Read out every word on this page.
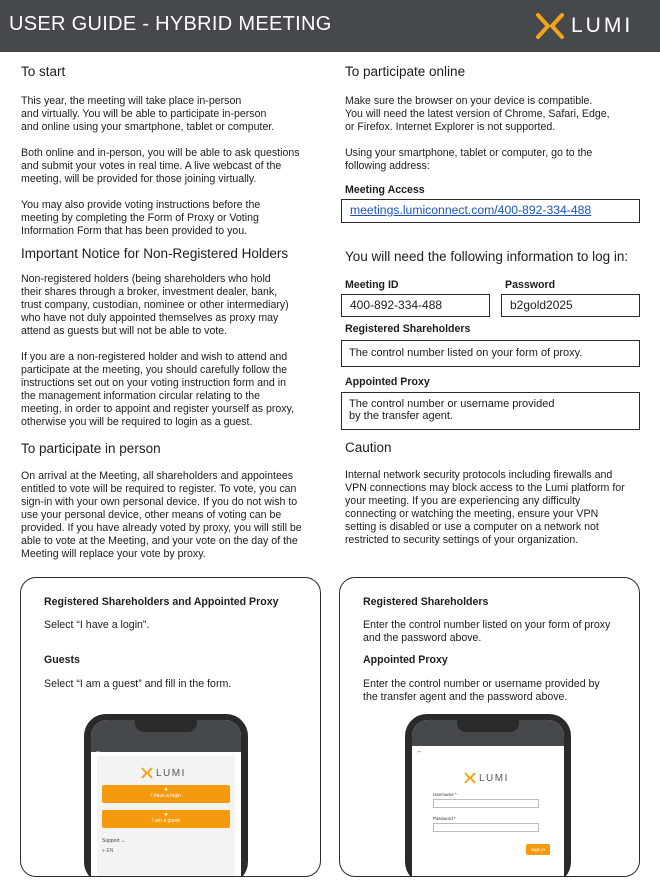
USER GUIDE - HYBRID MEETING	LUMI
To start
This year, the meeting will take place in-person
and virtually. You will be able to participate in-person
and online using your smartphone, tablet or computer.
Both online and in-person, you will be able to ask questions
and submit your votes in real time. A live webcast of the
meeting, will be provided for those joining virtually.
You may also provide voting instructions before the
meeting by completing the Form of Proxy or Voting
Information Form that has been provided to you.
Important Notice for Non-Registered Holders
Non-registered holders (being shareholders who hold
their shares through a broker, investment dealer, bank,
trust company, custodian, nominee or other intermediary)
who have not duly appointed themselves as proxy may
attend as guests but will not be able to vote.
If you are a non-registered holder and wish to attend and
participate at the meeting, you should carefully follow the
instructions set out on your voting instruction form and in
the management information circular relating to the
meeting, in order to appoint and register yourself as proxy,
otherwise you will be required to login as a guest.
To participate in person
On arrival at the Meeting, all shareholders and appointees
entitled to vote will be required to register. To vote, you can
sign-in with your own personal device. If you do not wish to
use your personal device, other means of voting can be
provided. If you have already voted by proxy, you will still be
able to vote at the Meeting, and your vote on the day of the
Meeting will replace your vote by proxy.
To participate online
Make sure the browser on your device is compatible.
You will need the latest version of Chrome, Safari, Edge,
or Firefox. Internet Explorer is not supported.
Using your smartphone, tablet or computer, go to the
following address:
Meeting Access
meetings.lumiconnect.com/400-892-334-488
You will need the following information to log in:
Meeting ID
400-892-334-488
Password
b2gold2025
Registered Shareholders
The control number listed on your form of proxy.
Appointed Proxy
The control number or username provided
by the transfer agent.
Caution
Internal network security protocols including firewalls and
VPN connections may block access to the Lumi platform for
your meeting. If you are experiencing any difficulty
connecting or watching the meeting, ensure your VPN
setting is disabled or use a computer on a network not
restricted to security settings of your organization.
Registered Shareholders and Appointed Proxy
Select “I have a login”.
Guests
Select “I am a guest” and fill in the form.
←
LUMI
●
I have a login
●
I am a guest
Support ⌄
● EN
Registered Shareholders
Enter the control number listed on your form of proxy
and the password above.
Appointed Proxy
Enter the control number or username provided by
the transfer agent and the password above.
←
LUMI
Username *
Password *
Sign in
